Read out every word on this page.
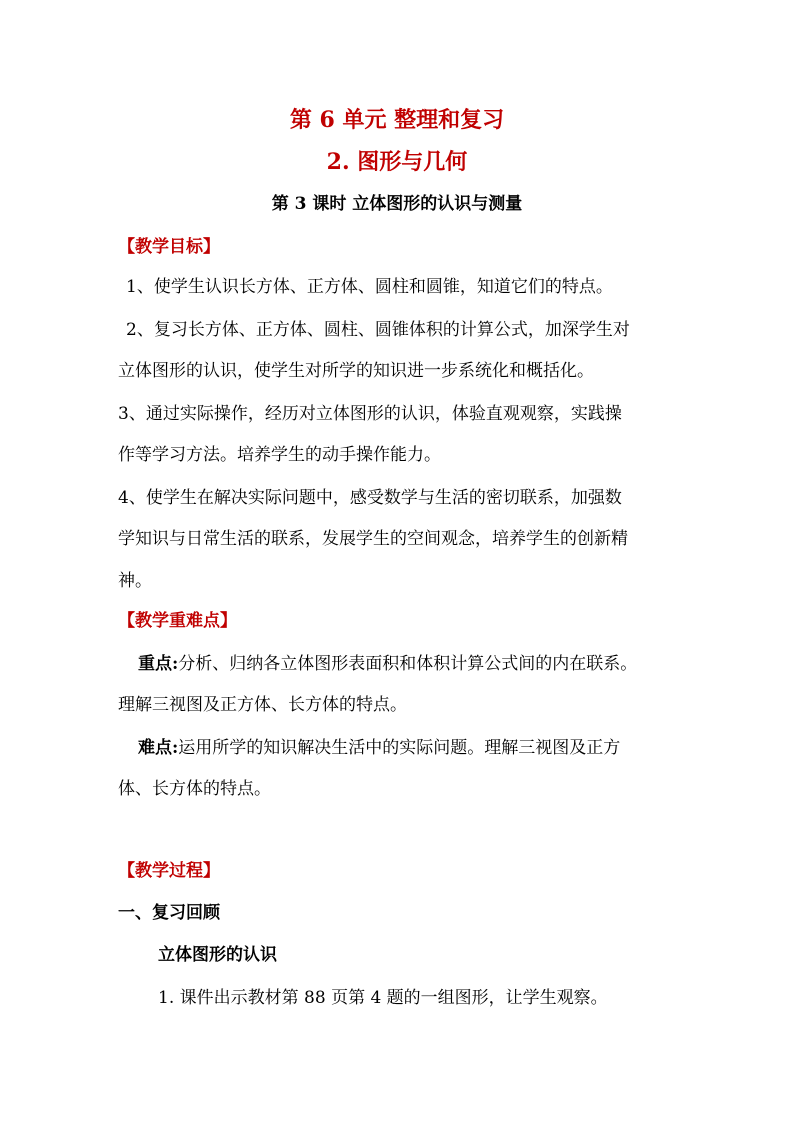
第 6 单元 整理和复习
2. 图形与几何
第 3 课时 立体图形的认识与测量
【教学目标】
1、使学生认识长方体、正方体、圆柱和圆锥，知道它们的特点。
2、复习长方体、正方体、圆柱、圆锥体积的计算公式，加深学生对
立体图形的认识，使学生对所学的知识进一步系统化和概括化。
3、通过实际操作，经历对立体图形的认识，体验直观观察，实践操
作等学习方法。培养学生的动手操作能力。
4、使学生在解决实际问题中，感受数学与生活的密切联系，加强数
学知识与日常生活的联系，发展学生的空间观念，培养学生的创新精
神。
【教学重难点】
重点:分析、归纳各立体图形表面积和体积计算公式间的内在联系。
理解三视图及正方体、长方体的特点。
难点:运用所学的知识解决生活中的实际问题。理解三视图及正方
体、长方体的特点。
【教学过程】
一、复习回顾
立体图形的认识
1. 课件出示教材第 88 页第 4 题的一组图形，让学生观察。
